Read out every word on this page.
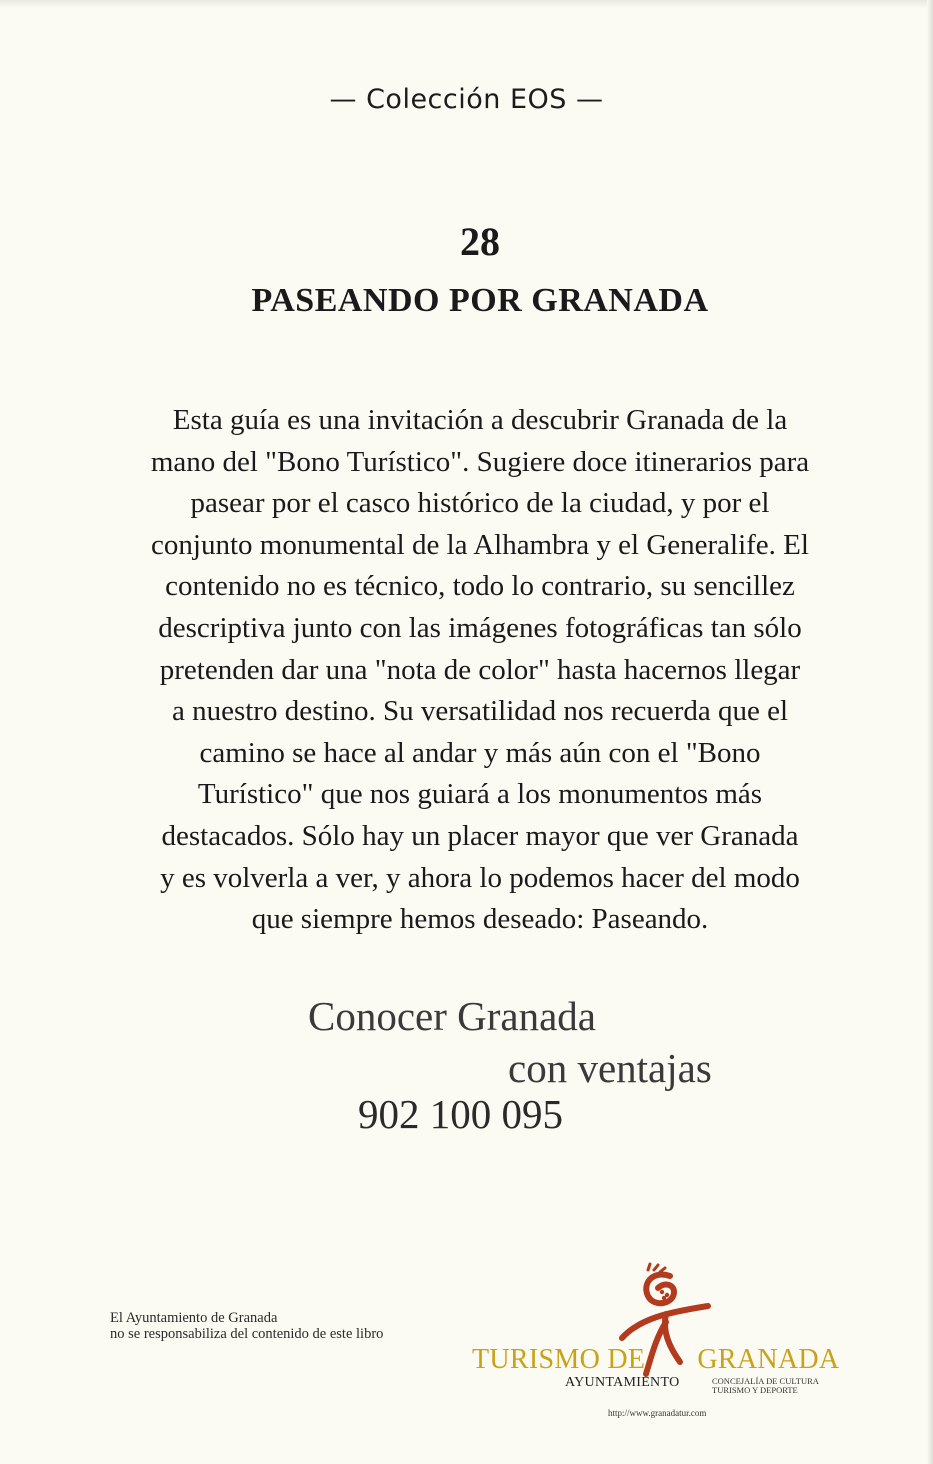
— Colección EOS —
28
PASEANDO POR GRANADA
Esta guía es una invitación a descubrir Granada de la
mano del "Bono Turístico". Sugiere doce itinerarios para
pasear por el casco histórico de la ciudad, y por el
conjunto monumental de la Alhambra y el Generalife. El
contenido no es técnico, todo lo contrario, su sencillez
descriptiva junto con las imágenes fotográficas tan sólo
pretenden dar una "nota de color" hasta hacernos llegar
a nuestro destino. Su versatilidad nos recuerda que el
camino se hace al andar y más aún con el "Bono
Turístico" que nos guiará a los monumentos más
destacados. Sólo hay un placer mayor que ver Granada
y es volverla a ver, y ahora lo podemos hacer del modo
que siempre hemos deseado: Paseando.
Conocer Granada
con ventajas
902 100 095
El Ayuntamiento de Granada
no se responsabiliza del contenido de este libro
TURISMO DE GRANADA
AYUNTAMIENTO	CONCEJALÍA DE CULTURA
TURISMO Y DEPORTE
http://www.granadatur.com
